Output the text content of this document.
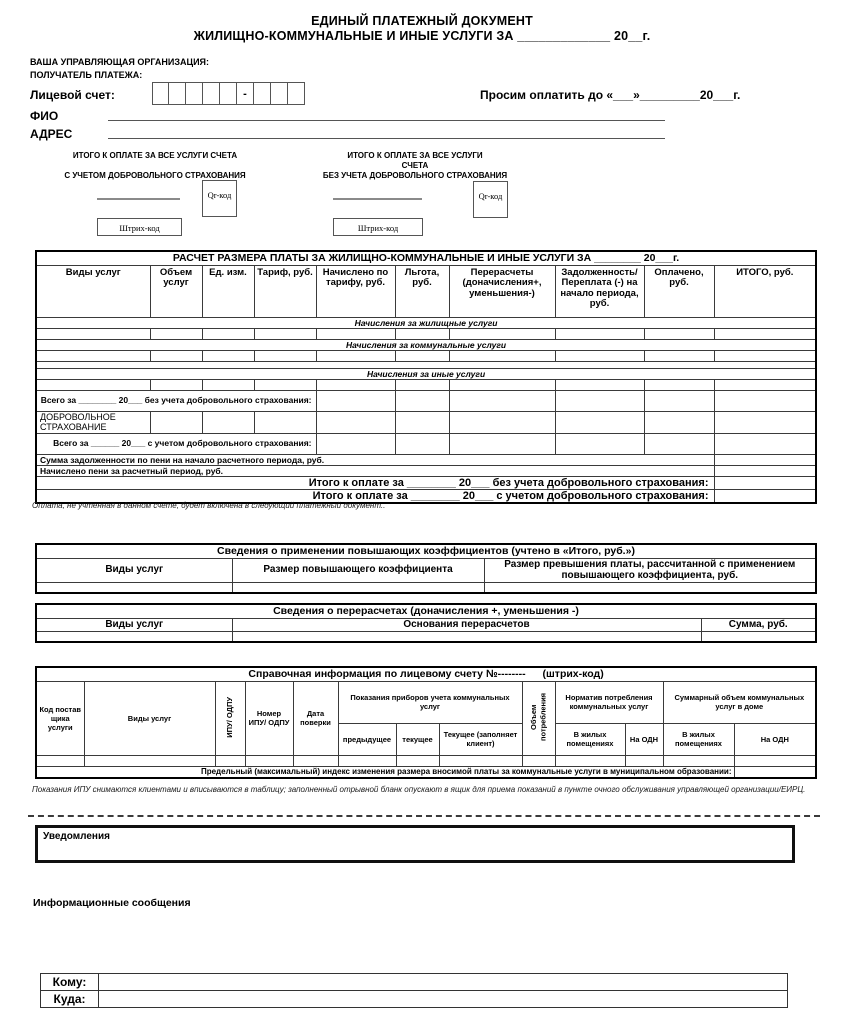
ЕДИНЫЙ ПЛАТЕЖНЫЙ ДОКУМЕНТ
ЖИЛИЩНО-КОММУНАЛЬНЫЕ И ИНЫЕ УСЛУГИ ЗА _____________ 20__г.
ВАША УПРАВЛЯЮЩАЯ ОРГАНИЗАЦИЯ:
ПОЛУЧАТЕЛЬ ПЛАТЕЖА:
Лицевой счет:	-	Просим оплатить до «___»_________20___г.
ФИО
АДРЕС
ИТОГО К ОПЛАТЕ ЗА ВСЕ УСЛУГИ СЧЕТА
С УЧЕТОМ ДОБРОВОЛЬНОГО СТРАХОВАНИЯ
Qr-код
Штрих-код
ИТОГО К ОПЛАТЕ ЗА ВСЕ УСЛУГИ
СЧЕТА
БЕЗ УЧЕТА ДОБРОВОЛЬНОГО СТРАХОВАНИЯ
Qr-код
Штрих-код
РАСЧЕТ РАЗМЕРА ПЛАТЫ ЗА ЖИЛИЩНО-КОММУНАЛЬНЫЕ И ИНЫЕ УСЛУГИ ЗА ________ 20___г.									
Виды услуг	Объем услуг	Ед. изм.	Тариф, руб.	Начислено по тарифу, руб.	Льгота, руб.	Перерасчеты (доначисления+, уменьшения-)	Задолженность/Переплата (-) на начало периода, руб.	Оплачено, руб.	ИТОГО, руб.
Начисления за жилищные услуги									

Начисления за коммунальные услуги									

Начисления за иные услуги									

Всего за ________ 20___ без учета добровольного страхования:									
ДОБРОВОЛЬНОЕ СТРАХОВАНИЕ									
Всего за ______ 20___ с учетом добровольного страхования:									
Сумма задолженности по пени на начало расчетного периода, руб.									
Начислено пени за расчетный период, руб.									
Итого к оплате за ________ 20___ без учета добровольного страхования:									
Итого к оплате за ________ 20___ с учетом добровольного страхования:									
Оплата, не учтенная в данном счете, будет включена в следующий платежный документ..
Сведения о применении повышающих коэффициентов (учтено в «Итого, руб.»)		
Виды услуг	Размер повышающего коэффициента	Размер превышения платы, рассчитанной с применением повышающего коэффициента, руб.

Сведения о перерасчетах (доначисления +, уменьшения -)		
Виды услуг	Основания перерасчетов	Сумма, руб.

Справочная информация по лицевому счету №-------- (штрих-код)												
Код постав щика услуги	Виды услуг	ИПУ/ ОДПУ	Номер ИПУ/ ОДПУ	Дата поверки	Показания приборов учета коммунальных услуг			Объем потребления	Норматив потребления коммунальных услуг		Суммарный объем коммунальных услуг в доме	
					предыдущее	текущее	Текущее (заполняет клиент)		В жилых помещениях	На ОДН	В жилых помещениях	На ОДН

Предельный (максимальный) индекс изменения размера вносимой платы за коммунальные услуги в муниципальном образовании:												
Показания ИПУ снимаются клиентами и вписываются в таблицу; заполненный отрывной бланк опускают в ящик для приема показаний в пункте очного обслуживания управляющей организации/ЕИРЦ.
Уведомления
Информационные сообщения
Кому:	
Куда:	
